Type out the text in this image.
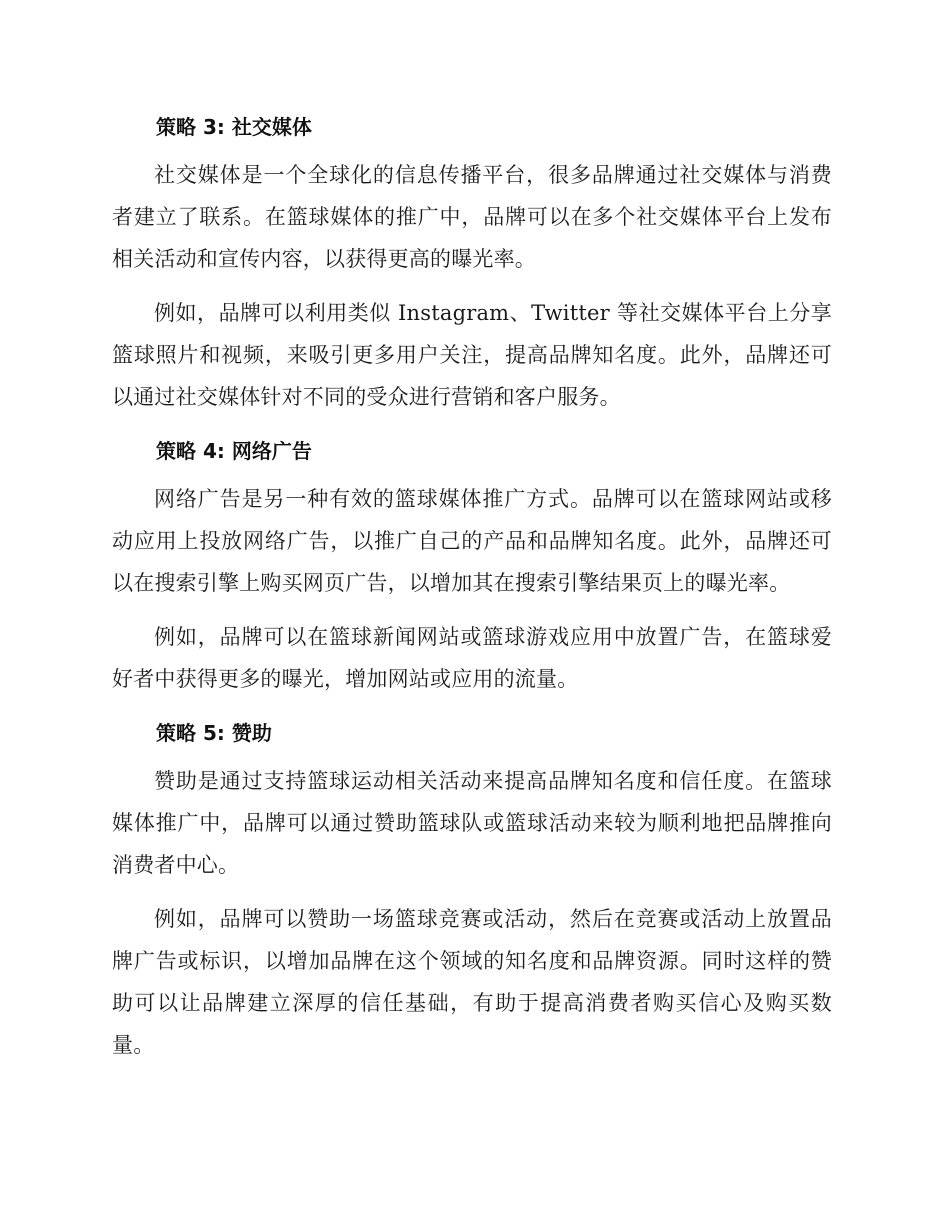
策略 3: 社交媒体

社交媒体是一个全球化的信息传播平台，很多品牌通过社交媒体与消费者建立了联系。在篮球媒体的推广中，品牌可以在多个社交媒体平台上发布相关活动和宣传内容，以获得更高的曝光率。

例如，品牌可以利用类似 Instagram、Twitter 等社交媒体平台上分享篮球照片和视频，来吸引更多用户关注，提高品牌知名度。此外，品牌还可以通过社交媒体针对不同的受众进行营销和客户服务。

策略 4: 网络广告

网络广告是另一种有效的篮球媒体推广方式。品牌可以在篮球网站或移动应用上投放网络广告，以推广自己的产品和品牌知名度。此外，品牌还可以在搜索引擎上购买网页广告，以增加其在搜索引擎结果页上的曝光率。

例如，品牌可以在篮球新闻网站或篮球游戏应用中放置广告，在篮球爱好者中获得更多的曝光，增加网站或应用的流量。

策略 5: 赞助

赞助是通过支持篮球运动相关活动来提高品牌知名度和信任度。在篮球媒体推广中，品牌可以通过赞助篮球队或篮球活动来较为顺利地把品牌推向消费者中心。

例如，品牌可以赞助一场篮球竞赛或活动，然后在竞赛或活动上放置品牌广告或标识，以增加品牌在这个领域的知名度和品牌资源。同时这样的赞助可以让品牌建立深厚的信任基础，有助于提高消费者购买信心及购买数量。
